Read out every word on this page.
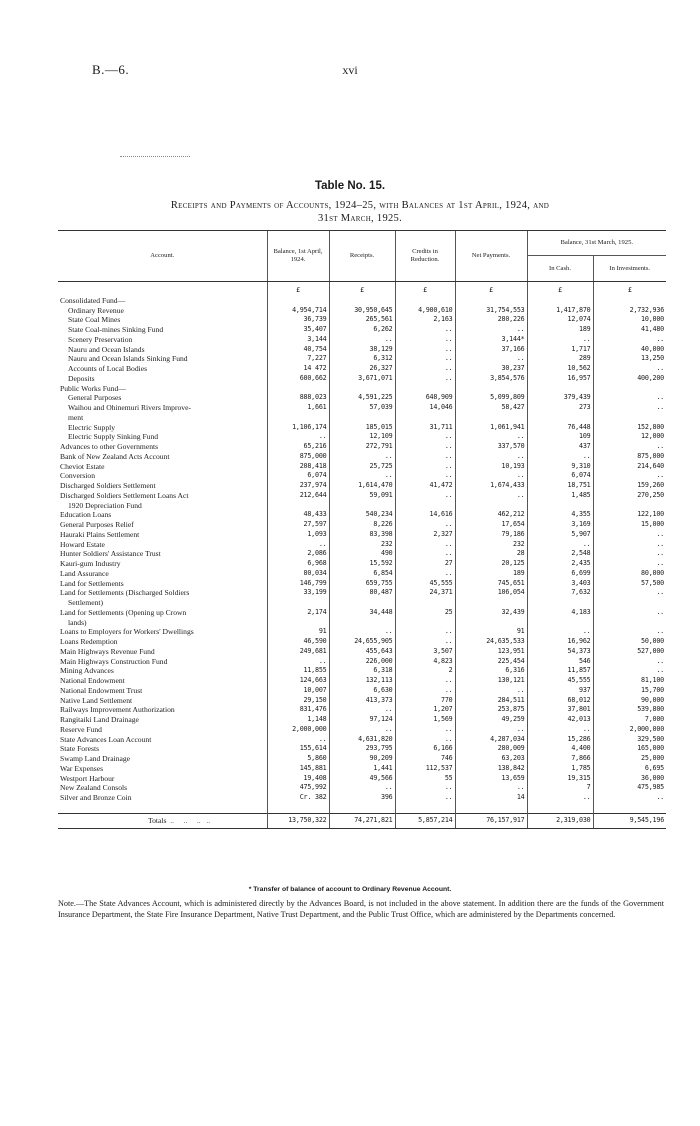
B.—6.	xvi
Table No. 15.
Receipts and Payments of Accounts, 1924–25, with Balances at 1st April, 1924, and
31st March, 1925.
Account.	Balance, 1st April, 1924.	Receipts.	Credits in Reduction.	Net Payments.	Balance, 31st March, 1925.	
					In Cash.	In Investments.
	£	£	£	£	£	£
Consolidated Fund—						
Ordinary Revenue	4,954,714	30,950,645	4,900,610	31,754,553	1,417,870	2,732,936
State Coal Mines	36,739	265,561	2,163	280,226	12,074	10,000
State Coal-mines Sinking Fund	35,407	6,262	..	..	189	41,480
Scenery Preservation	3,144	..	..	3,144*	..	..
Nauru and Ocean Islands	40,754	38,129	..	37,166	1,717	40,000
Nauru and Ocean Islands Sinking Fund	7,227	6,312	..	..	289	13,250
Accounts of Local Bodies	14 472	26,327	..	30,237	10,562	..
Deposits	600,662	3,671,071	..	3,854,576	16,957	400,200
Public Works Fund—						
General Purposes	888,023	4,591,225	648,909	5,099,809	379,439	..
Waihou and Ohinemuri Rivers Improve-	1,661	57,039	14,046	58,427	273	..
ment						
Electric Supply	1,106,174	185,015	31,711	1,061,941	76,448	152,800
Electric Supply Sinking Fund	..	12,109	..	..	109	12,000
Advances to other Governments	65,216	272,791	..	337,570	437	..
Bank of New Zealand Acts Account	875,000	..	..	..	..	875,000
Cheviot Estate	208,418	25,725	..	10,193	9,310	214,640
Conversion	6,074	..	..	..	6,074	..
Discharged Soldiers Settlement	237,974	1,614,470	41,472	1,674,433	18,751	159,260
Discharged Soldiers Settlement Loans Act	212,644	59,091	..	..	1,485	270,250
1920 Depreciation Fund						
Education Loans	48,433	540,234	14,616	462,212	4,355	122,100
General Purposes Relief	27,597	8,226	..	17,654	3,169	15,000
Hauraki Plains Settlement	1,093	83,398	2,327	79,186	5,907	..
Howard Estate	..	232	..	232	..	..
Hunter Soldiers' Assistance Trust	2,086	490	..	28	2,548	..
Kauri-gum Industry	6,968	15,592	27	20,125	2,435	..
Land Assurance	80,034	6,854	..	189	6,699	80,000
Land for Settlements	146,799	659,755	45,555	745,651	3,403	57,500
Land for Settlements (Discharged Soldiers	33,199	80,487	24,371	106,054	7,632	..
Settlement)						
Land for Settlements (Opening up Crown	2,174	34,448	25	32,439	4,183	..
lands)						
Loans to Employers for Workers' Dwellings	91	..	..	91	..	..
Loans Redemption	46,590	24,655,905	..	24,635,533	16,962	50,000
Main Highways Revenue Fund	249,681	455,643	3,507	123,951	54,373	527,000
Main Highways Construction Fund	..	226,000	4,823	225,454	546	..
Mining Advances	11,855	6,318	2	6,316	11,857	..
National Endowment	124,663	132,113	..	130,121	45,555	81,100
National Endowment Trust	10,007	6,630	..	..	937	15,700
Native Land Settlement	29,150	413,373	770	284,511	68,012	90,000
Railways Improvement Authorization	831,476	..	1,207	253,875	37,801	539,800
Rangitaiki Land Drainage	1,148	97,124	1,569	49,259	42,013	7,000
Reserve Fund	2,000,000	..	..	..	..	2,000,000
State Advances Loan Account	..	4,631,820	..	4,287,034	15,286	329,500
State Forests	155,614	293,795	6,166	280,009	4,400	165,000
Swamp Land Drainage	5,860	90,209	746	63,203	7,866	25,000
War Expenses	145,881	1,441	112,537	138,842	1,785	6,695
Westport Harbour	19,408	49,566	55	13,659	19,315	36,000
New Zealand Consols	475,992	..	..	..	7	475,985
Silver and Bronze Coin	Cr. 382	396	..	14	..	..

Totals  ..     ..     ..   ..	13,750,322	74,271,821	5,857,214	76,157,917	2,319,030	9,545,196
* Transfer of balance of account to Ordinary Revenue Account.
Note.—The State Advances Account, which is administered directly by the Advances Board, is not included in the above statement. In addition there are the funds of the Government Insurance Department, the State Fire Insurance Department, Native Trust Department, and the Public Trust Office, which are administered by the Departments concerned.
